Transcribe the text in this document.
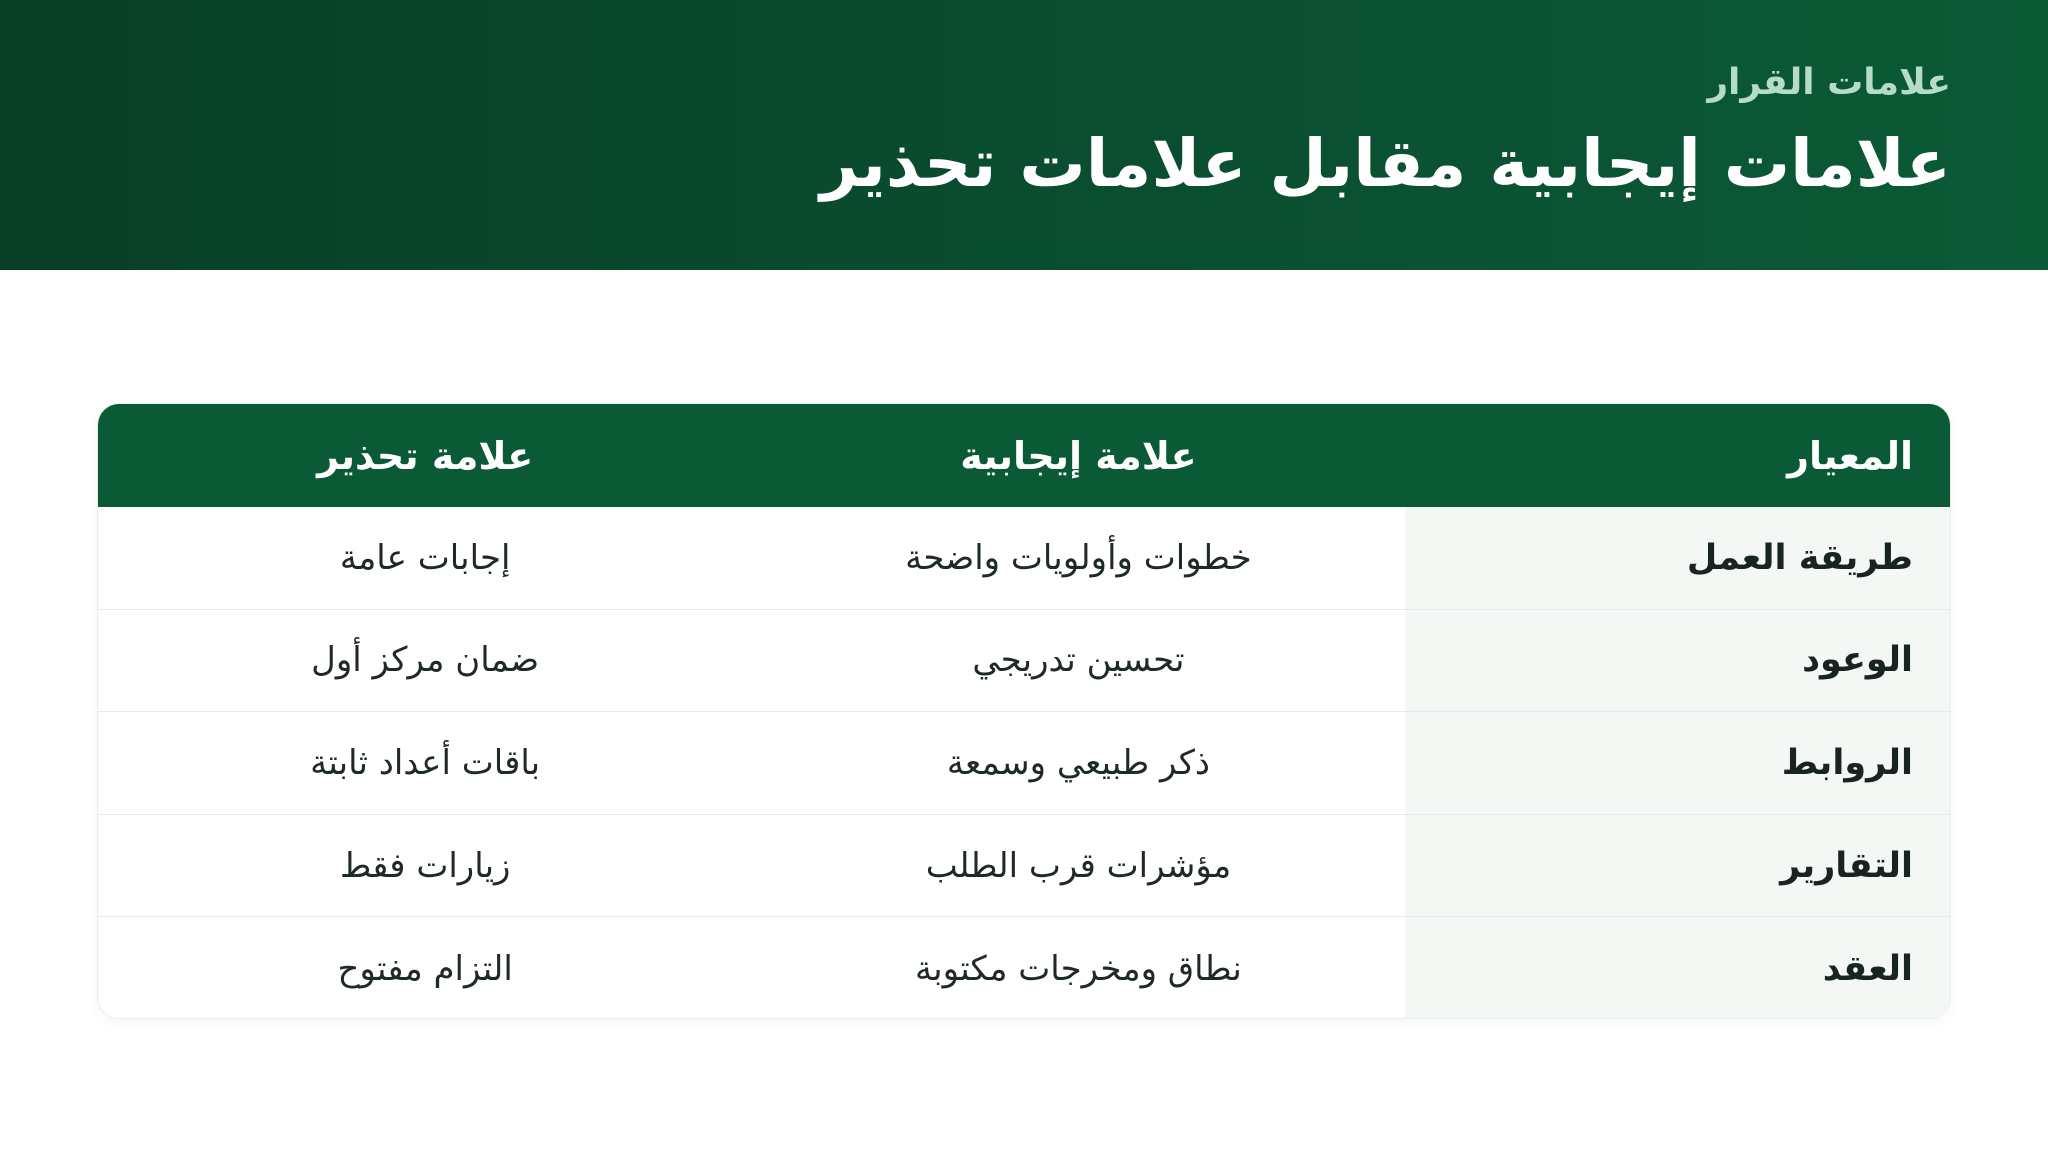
علامات القرار
علامات إيجابية مقابل علامات تحذير
المعيار
علامة إيجابية
علامة تحذير
طريقة العمل
خطوات وأولويات واضحة
إجابات عامة
الوعود
تحسين تدريجي
ضمان مركز أول
الروابط
ذكر طبيعي وسمعة
باقات أعداد ثابتة
التقارير
مؤشرات قرب الطلب
زيارات فقط
العقد
نطاق ومخرجات مكتوبة
التزام مفتوح
